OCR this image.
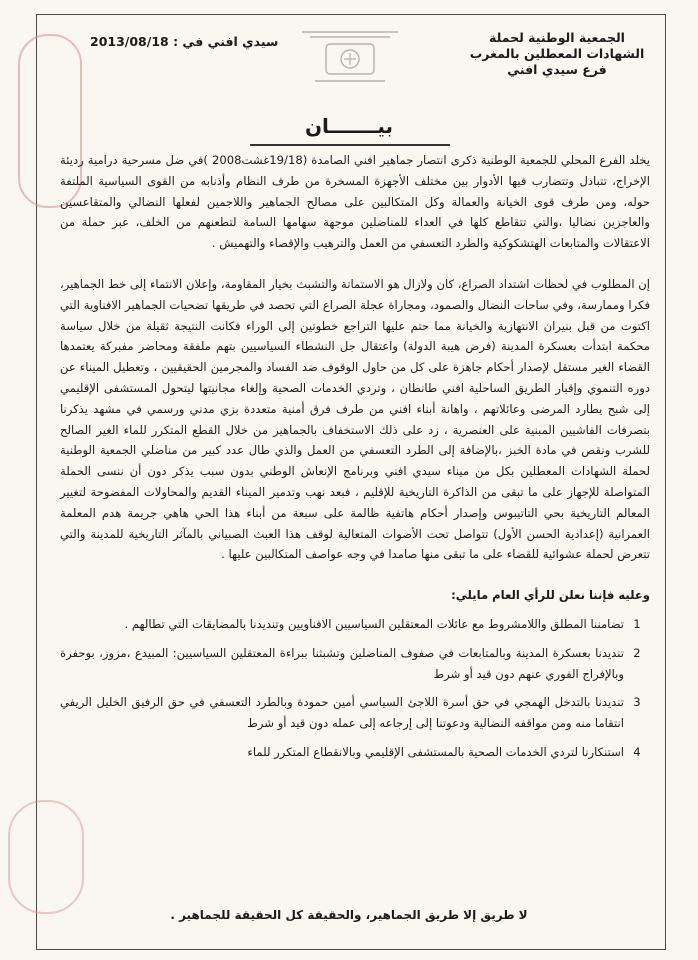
الجمعية الوطنية لحملة
الشهادات المعطلين بالمغرب
فرع سيدي افني
سيدي افني في : 2013/08/18
بيـــــــان

يخلد الفرع المحلي للجمعية الوطنية ذكرى انتصار جماهير افني الصامدة (19/18غشت2008 )في ضل مسرحية درامية رديئة الإخراج، تتبادل وتتضارب فيها الأدوار بين مختلف الأجهزة المسخرة من طرف النظام وأذنابه من القوى السياسية الملتفة حوله، ومن طرف قوى الخيانة والعمالة وكل المتكالبين على مصالح الجماهير واللاجمين لفعلها النضالي والمتقاعسين والعاجزين نضاليا ،والتي تتقاطع كلها في العداء للمناضلين موجهة سهامها السامة لتطعنهم من الخلف، عبر حملة من الاعتقالات والمتابعات الهتشكوكية والطرد التعسفي من العمل والترهيب والإقصاء والتهميش .

إن المطلوب في لحظات اشتداد الصراع، كان ولازال هو الاستماتة والتشبث بخيار المقاومة، وإعلان الانتماء إلى خط الجماهير، فكرا وممارسة، وفي ساحات النضال والصمود، ومجاراة عجلة الصراع التي تحصد في طريقها تضحيات الجماهير الافناوية التي اكتوت من قبل بنيران الانتهازية والخيانة مما حتم عليها التراجع خطوتين إلى الوراء فكانت النتيجة ثقيلة من خلال سياسة محكمة ابتدأت بعسكرة المدينة (فرض هيبة الدولة) واعتقال جل النشطاء السياسيين بتهم ملفقة ومحاضر مفبركة يعتمدها القضاء الغير مستقل لإصدار أحكام جاهزة على كل من حاول الوقوف ضد الفساد والمجرمين الحقيقيين ، وتعطيل الميناء عن دوره التنموي وإقبار الطريق الساحلية افني طانطان ، وتردي الخدمات الصحية وإلغاء مجانيتها ليتحول المستشفى الإقليمي إلى شبح يطارد المرضى وعائلاتهم ، واهانة أبناء افني من طرف فرق أمنية متعددة بزي مدني ورسمي في مشهد يذكرنا بتصرفات الفاشيين المبنية على العنصرية ، زد على ذلك الاستخفاف بالجماهير من خلال القطع المتكرر للماء الغير الصالح للشرب ونقص في مادة الخبز ،بالإضافة إلى الطرد التعسفي من العمل والذي طال عدد كبير من مناضلي الجمعية الوطنية لحملة الشهادات المعطلين بكل من ميناء سيدي افني وبرنامج الإنعاش الوطني بدون سبب يذكر دون أن ننسى الحملة المتواصلة للإجهاز على ما تبقى من الذاكرة التاريخية للإقليم ، فبعد نهب وتدمير الميناء القديم والمحاولات المفضوحة لتغيير المعالم التاريخية بحي التاتيبوس وإصدار أحكام هاتفية ظالمة على سبعة من أبناء هذا الحي هاهي جريمة هدم المعلمة العمرانية (إعدادية الحسن الأول) تتواصل تحت الأصوات المتعالية لوقف هذا العبث الصبياني بالمآثر التاريخية للمدينة والتي تتعرض لحملة عشوائية للقضاء على ما تبقى منها صامدا في وجه عواصف المتكالبين عليها .

وعليه فإننا نعلن للرأي العام مايلي:

1
تضامننا المطلق واللامشروط مع عائلات المعتقلين السياسيين الافناويين وتنديدنا بالمضايقات التي تطالهم .
2
تنديدنا بعسكرة المدينة وبالمتابعات في صفوف المناضلين وتشبثنا ببراءة المعتقلين السياسيين: المبيدع ،مزوز، بوحفرة وبالإفراج الفوري عنهم دون قيد أو شرط
3
تنديدنا بالتدخل الهمجي في حق أسرة اللاجئ السياسي أمين حمودة وبالطرد التعسفي في حق الرفيق الخليل الريفي انتقاما منه ومن مواقفه النضالية ودعوتنا إلى إرجاعه إلى عمله دون قيد أو شرط
4
استنكارنا لتردي الخدمات الصحية بالمستشفى الإقليمي وبالانقطاع المتكرر للماء
لا طريق إلا طريق الجماهير، والحقيقة كل الحقيقة للجماهير .
